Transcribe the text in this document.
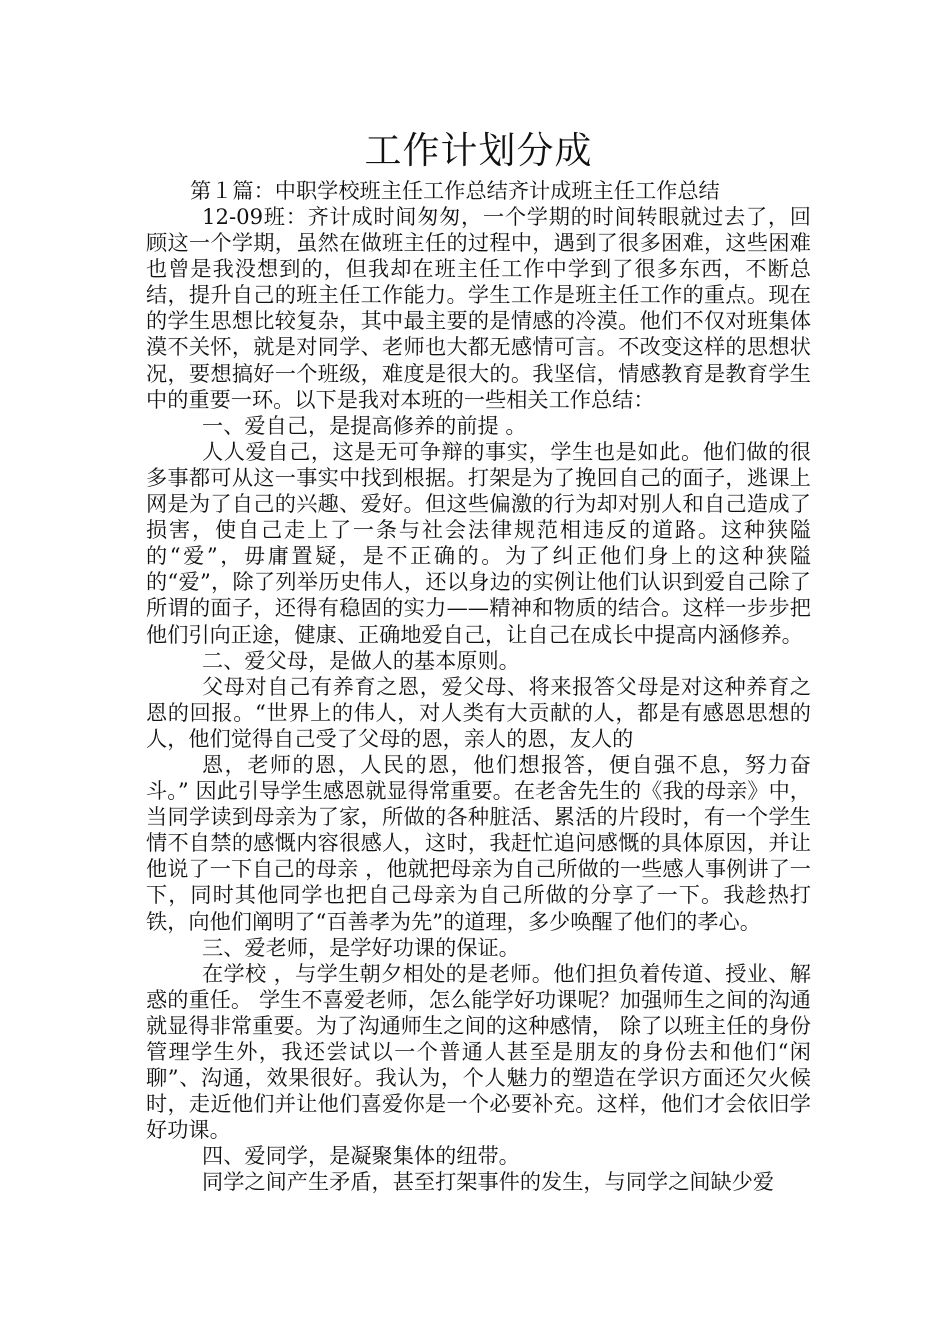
工作计划分成

第１篇：中职学校班主任工作总结齐计成班主任工作总结

12-09班：齐计成时间匆匆，一个学期的时间转眼就过去了，回顾这一个学期，虽然在做班主任的过程中，遇到了很多困难，这些困难也曾是我没想到的，但我却在班主任工作中学到了很多东西，不断总结，提升自己的班主任工作能力。学生工作是班主任工作的重点。现在的学生思想比较复杂，其中最主要的是情感的冷漠。他们不仅对班集体漠不关怀，就是对同学、老师也大都无感情可言。不改变这样的思想状况，要想搞好一个班级，难度是很大的。我坚信，情感教育是教育学生中的重要一环。以下是我对本班的一些相关工作总结：

一、爱自己，是提高修养的前提 。

人人爱自己，这是无可争辩的事实，学生也是如此。他们做的很多事都可从这一事实中找到根据。打架是为了挽回自己的面子，逃课上网是为了自己的兴趣、爱好。但这些偏激的行为却对别人和自己造成了损害，使自己走上了一条与社会法律规范相违反的道路。这种狭隘的“爱”，毋庸置疑，是不正确的。为了纠正他们身上的这种狭隘的“爱”，除了列举历史伟人，还以身边的实例让他们认识到爱自己除了所谓的面子，还得有稳固的实力——精神和物质的结合。这样一步步把他们引向正途，健康、正确地爱自己，让自己在成长中提高内涵修养。

二、爱父母，是做人的基本原则。

父母对自己有养育之恩，爱父母、将来报答父母是对这种养育之恩的回报。“世界上的伟人，对人类有大贡献的人，都是有感恩思想的人，他们觉得自己受了父母的恩，亲人的恩，友人的

恩，老师的恩，人民的恩，他们想报答，便自强不息，努力奋斗。” 因此引导学生感恩就显得常重要。在老舍先生的《我的母亲》中，当同学读到母亲为了家，所做的各种脏活、累活的片段时，有一个学生情不自禁的感慨内容很感人，这时，我赶忙追问感慨的具体原因，并让他说了一下自己的母亲 ，他就把母亲为自己所做的一些感人事例讲了一下，同时其他同学也把自己母亲为自己所做的分享了一下。我趁热打铁，向他们阐明了“百善孝为先”的道理，多少唤醒了他们的孝心。

三、爱老师，是学好功课的保证。

在学校 ，与学生朝夕相处的是老师。他们担负着传道、授业、解惑的重任。 学生不喜爱老师，怎么能学好功课呢？加强师生之间的沟通就显得非常重要。为了沟通师生之间的这种感情， 除了以班主任的身份管理学生外，我还尝试以一个普通人甚至是朋友的身份去和他们“闲聊”、沟通，效果很好。我认为，个人魅力的塑造在学识方面还欠火候时，走近他们并让他们喜爱你是一个必要补充。这样，他们才会依旧学好功课。

四、爱同学，是凝聚集体的纽带。

同学之间产生矛盾，甚至打架事件的发生，与同学之间缺少爱
